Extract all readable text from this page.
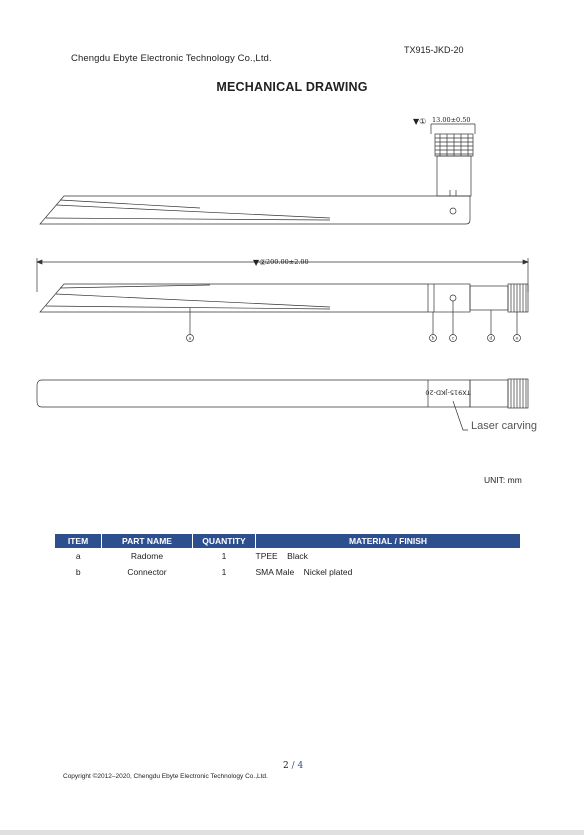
Chengdu Ebyte Electronic Technology Co.,Ltd.
TX915-JKD-20
MECHANICAL DRAWING
▼① 13.00±0.50
▼② 200.00±2.00
a	b	c	d	e
TX915-JKD-20
Laser carving
UNIT: mm
ITEM	PART NAME	QUANTITY	MATERIAL / FINISH
a	Radome	1	TPEE    Black
b	Connector	1	SMA Male    Nickel plated
2 / 4
Copyright ©2012–2020, Chengdu Ebyte Electronic Technology Co.,Ltd.
